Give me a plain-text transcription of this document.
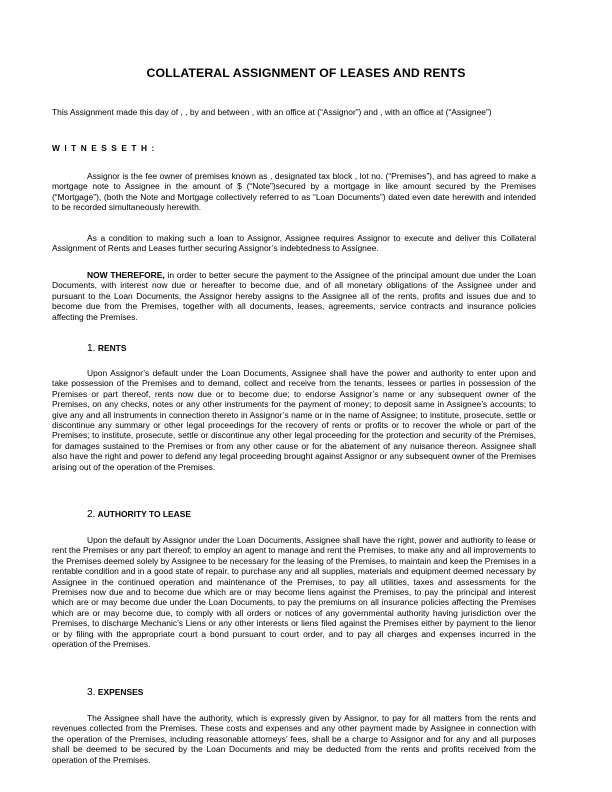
COLLATERAL ASSIGNMENT OF LEASES AND RENTS
This Assignment made this day of , , by and between , with an office at (“Assignor”) and , with an office at (“Assignee”)
W I T N E S S E T H :
Assignor is the fee owner of premises known as , designated tax block , lot no. (“Premises”), and has agreed to make a mortgage note to Assignee in the amount of $ (“Note”)secured by a mortgage in like amount secured by the Premises (“Mortgage”), (both the Note and Mortgage collectively referred to as “Loan Documents”) dated even date herewith and intended to be recorded simultaneously herewith.
As a condition to making such a loan to Assignor, Assignee requires Assignor to execute and deliver this Collateral Assignment of Rents and Leases further securing Assignor’s indebtedness to Assignee.
NOW THEREFORE, in order to better secure the payment to the Assignee of the principal amount due under the Loan Documents, with interest now due or hereafter to become due, and of all monetary obligations of the Assignee under and pursuant to the Loan Documents, the Assignor hereby assigns to the Assignee all of the rents, profits and issues due and to become due from the Premises, together with all documents, leases, agreements, service contracts and insurance policies affecting the Premises.
1. RENTS
Upon Assignor’s default under the Loan Documents, Assignee shall have the power and authority to enter upon and take possession of the Premises and to demand, collect and receive from the tenants, lessees or parties in possession of the Premises or part thereof, rents now due or to become due; to endorse Assignor’s name or any subsequent owner of the Premises, on any checks, notes or any other instruments for the payment of money; to deposit same in Assignee’s accounts; to give any and all instruments in connection thereto in Assignor’s name or in the name of Assignee; to institute, prosecute, settle or discontinue any summary or other legal proceedings for the recovery of rents or profits or to recover the whole or part of the Premises; to institute, prosecute, settle or discontinue any other legal proceeding for the protection and security of the Premises, for damages sustained to the Premises or from any other cause or for the abatement of any nuisance thereon. Assignee shall also have the right and power to defend any legal proceeding brought against Assignor or any subsequent owner of the Premises arising out of the operation of the Premises.
2. AUTHORITY TO LEASE
Upon the default by Assignor under the Loan Documents, Assignee shall have the right, power and authority to lease or rent the Premises or any part thereof; to employ an agent to manage and rent the Premises, to make any and all improvements to the Premises deemed solely by Assignee to be necessary for the leasing of the Premises, to maintain and keep the Premises in a rentable condition and in a good state of repair, to purchase any and all supplies, materials and equipment deemed necessary by Assignee in the continued operation and maintenance of the Premises, to pay all utilities, taxes and assessments for the Premises now due and to become due which are or may become liens against the Premises, to pay the principal and interest which are or may become due under the Loan Documents, to pay the premiums on all insurance policies affecting the Premises which are or may become due, to comply with all orders or notices of any governmental authority having jurisdiction over the Premises, to discharge Mechanic’s Liens or any other interests or liens filed against the Premises either by payment to the lienor or by filing with the appropriate court a bond pursuant to court order, and to pay all charges and expenses incurred in the operation of the Premises.
3. EXPENSES
The Assignee shall have the authority, which is expressly given by Assignor, to pay for all matters from the rents and revenues collected from the Premises. These costs and expenses and any other payment made by Assignee in connection with the operation of the Premises, including reasonable attorneys’ fees, shall be a charge to Assignor and for any and all purposes shall be deemed to be secured by the Loan Documents and may be deducted from the rents and profits received from the operation of the Premises.
